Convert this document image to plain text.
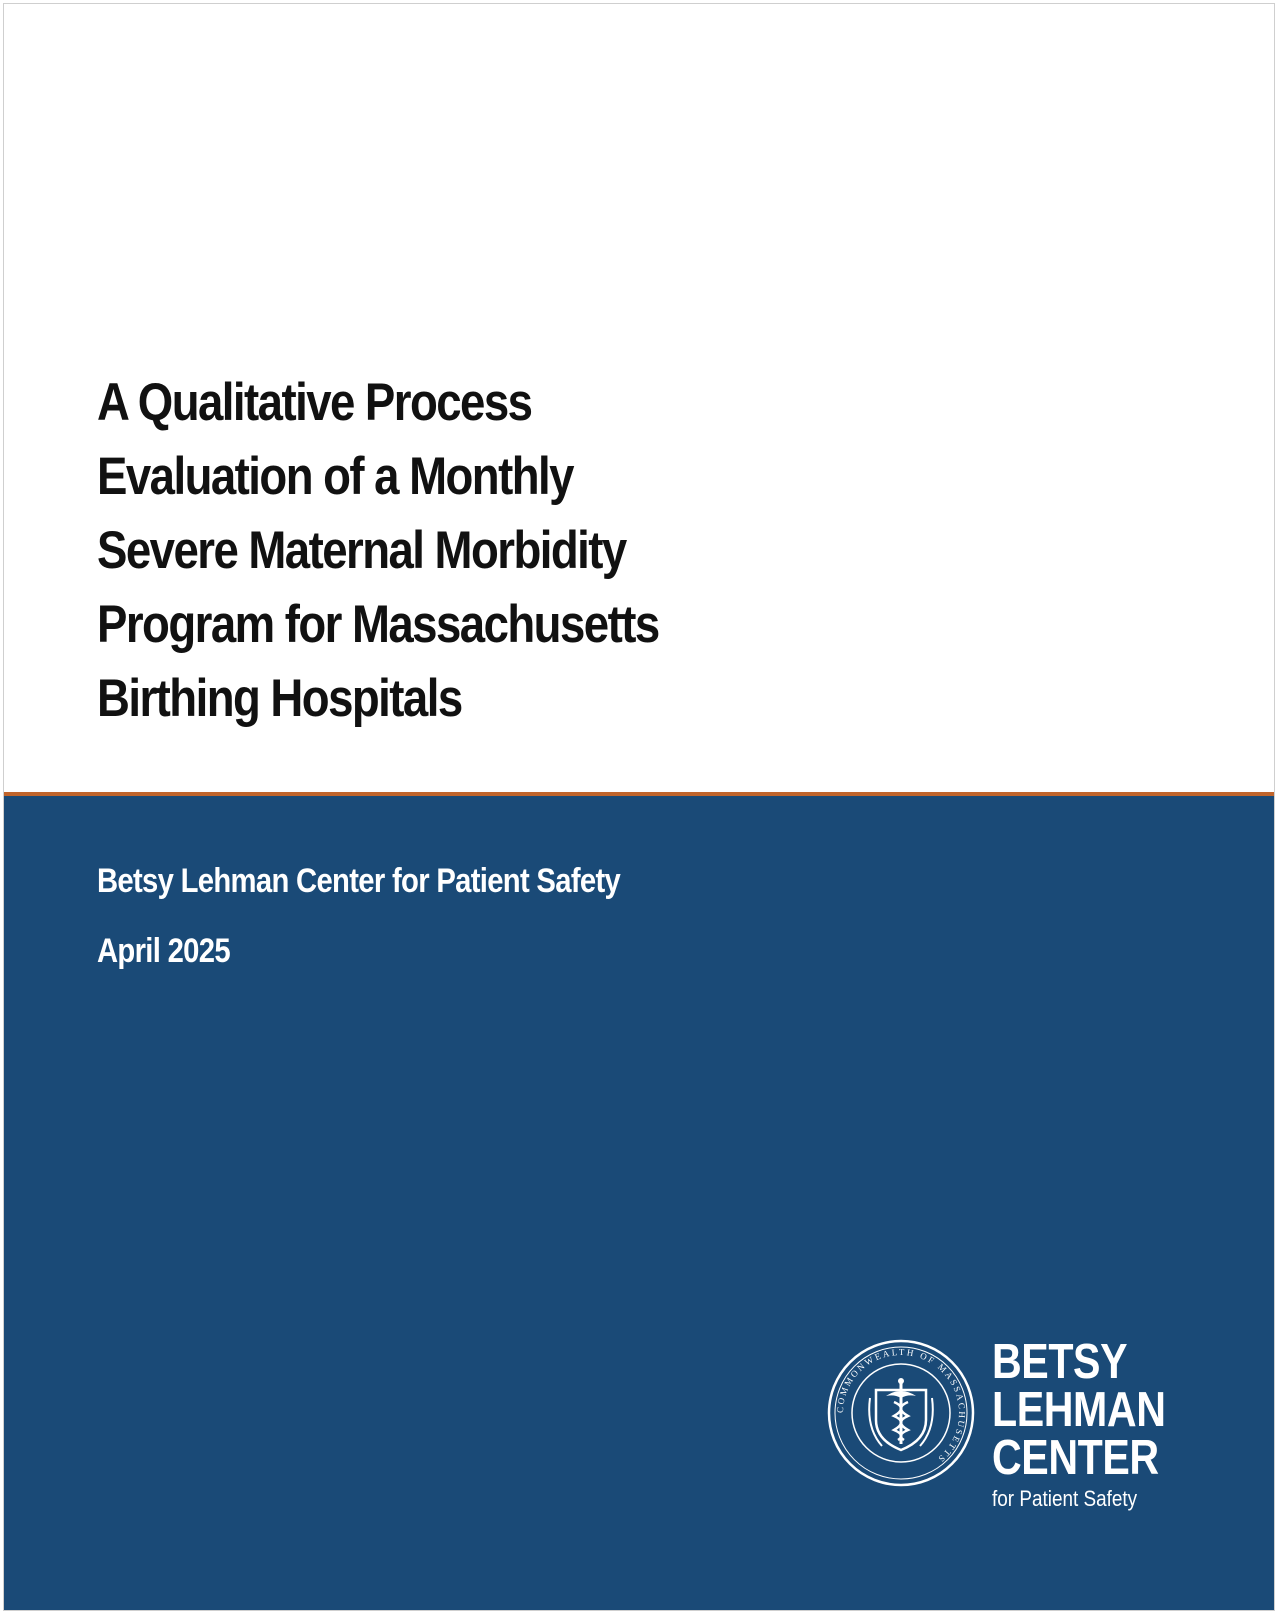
A Qualitative Process
Evaluation of a Monthly
Severe Maternal Morbidity
Program for Massachusetts
Birthing Hospitals

Betsy Lehman Center for Patient Safety

April 2025

COMMONWEALTH OF MASSACHUSETTS
BETSY
LEHMAN
CENTER
for Patient Safety
